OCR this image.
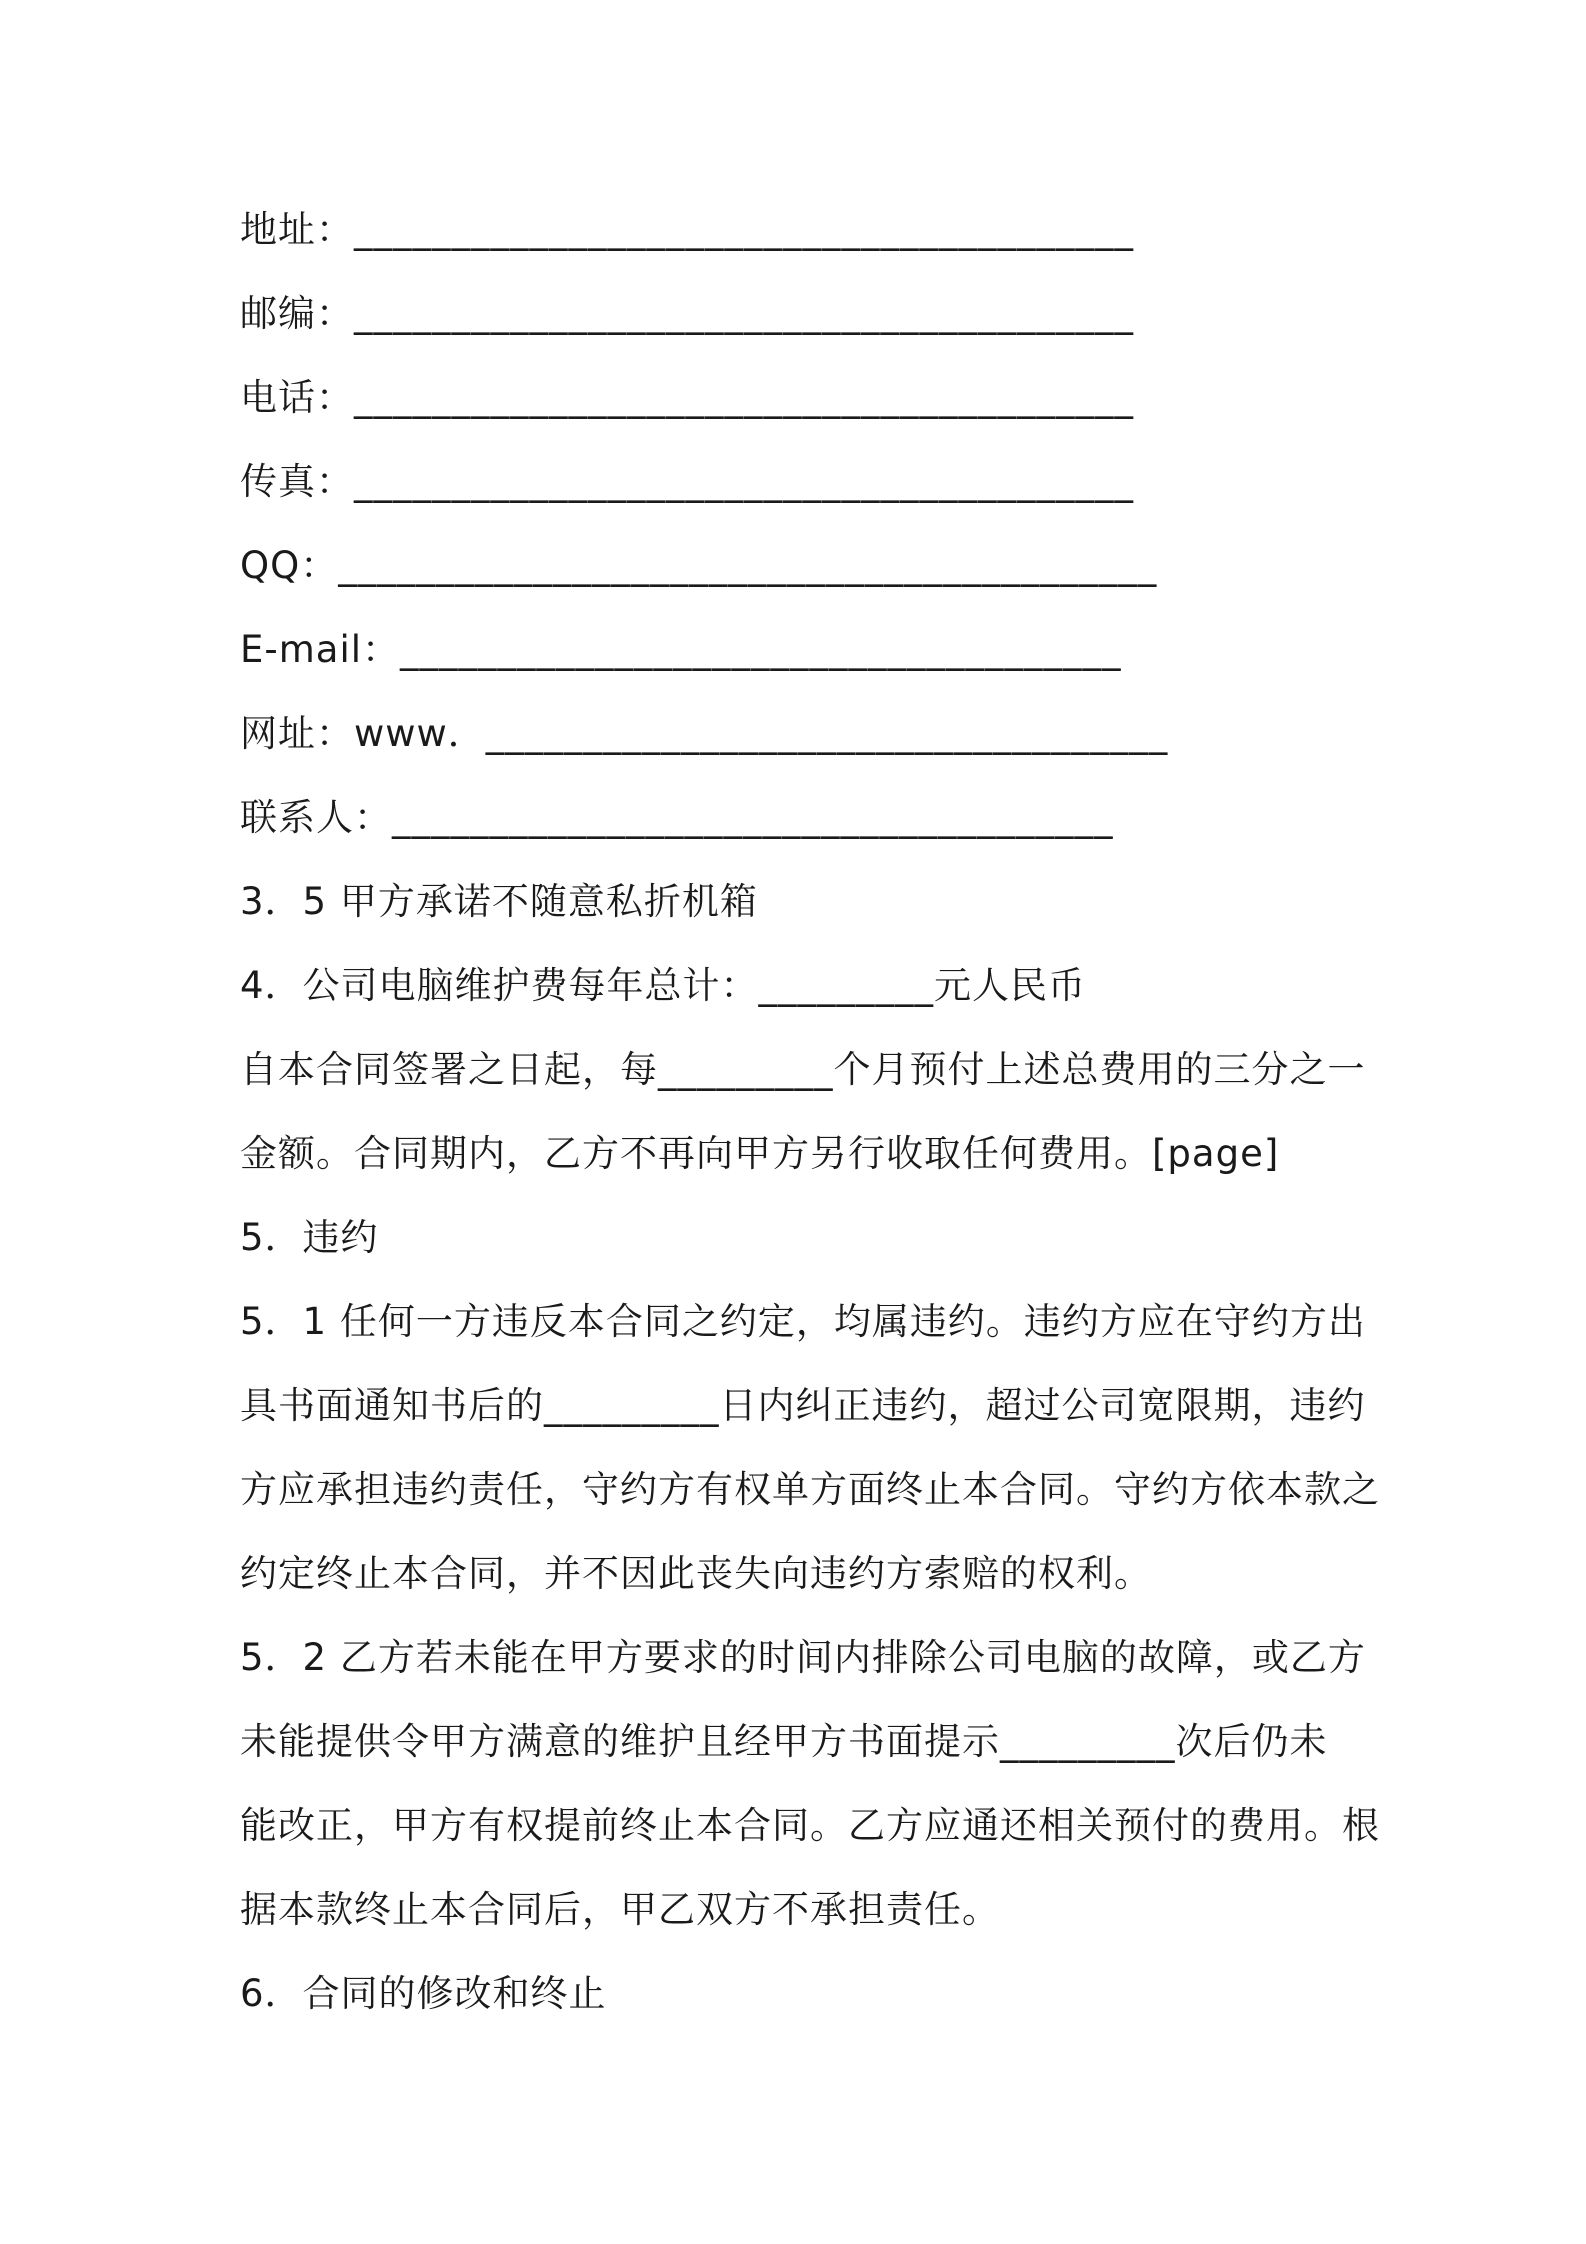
地址：________________________________________
邮编：________________________________________
电话：________________________________________
传真：________________________________________
QQ：__________________________________________
E-mail：_____________________________________
网址：www．___________________________________
联系人：_____________________________________
3．5 甲方承诺不随意私折机箱
4．公司电脑维护费每年总计：_________元人民币
自本合同签署之日起，每_________个月预付上述总费用的三分之一
金额。合同期内，乙方不再向甲方另行收取任何费用。[page]
5．违约
5．1 任何一方违反本合同之约定，均属违约。违约方应在守约方出
具书面通知书后的_________日内纠正违约，超过公司宽限期，违约
方应承担违约责任，守约方有权单方面终止本合同。守约方依本款之
约定终止本合同，并不因此丧失向违约方索赔的权利。
5．2 乙方若未能在甲方要求的时间内排除公司电脑的故障，或乙方
未能提供令甲方满意的维护且经甲方书面提示_________次后仍未
能改正，甲方有权提前终止本合同。乙方应通还相关预付的费用。根
据本款终止本合同后，甲乙双方不承担责任。
6．合同的修改和终止
